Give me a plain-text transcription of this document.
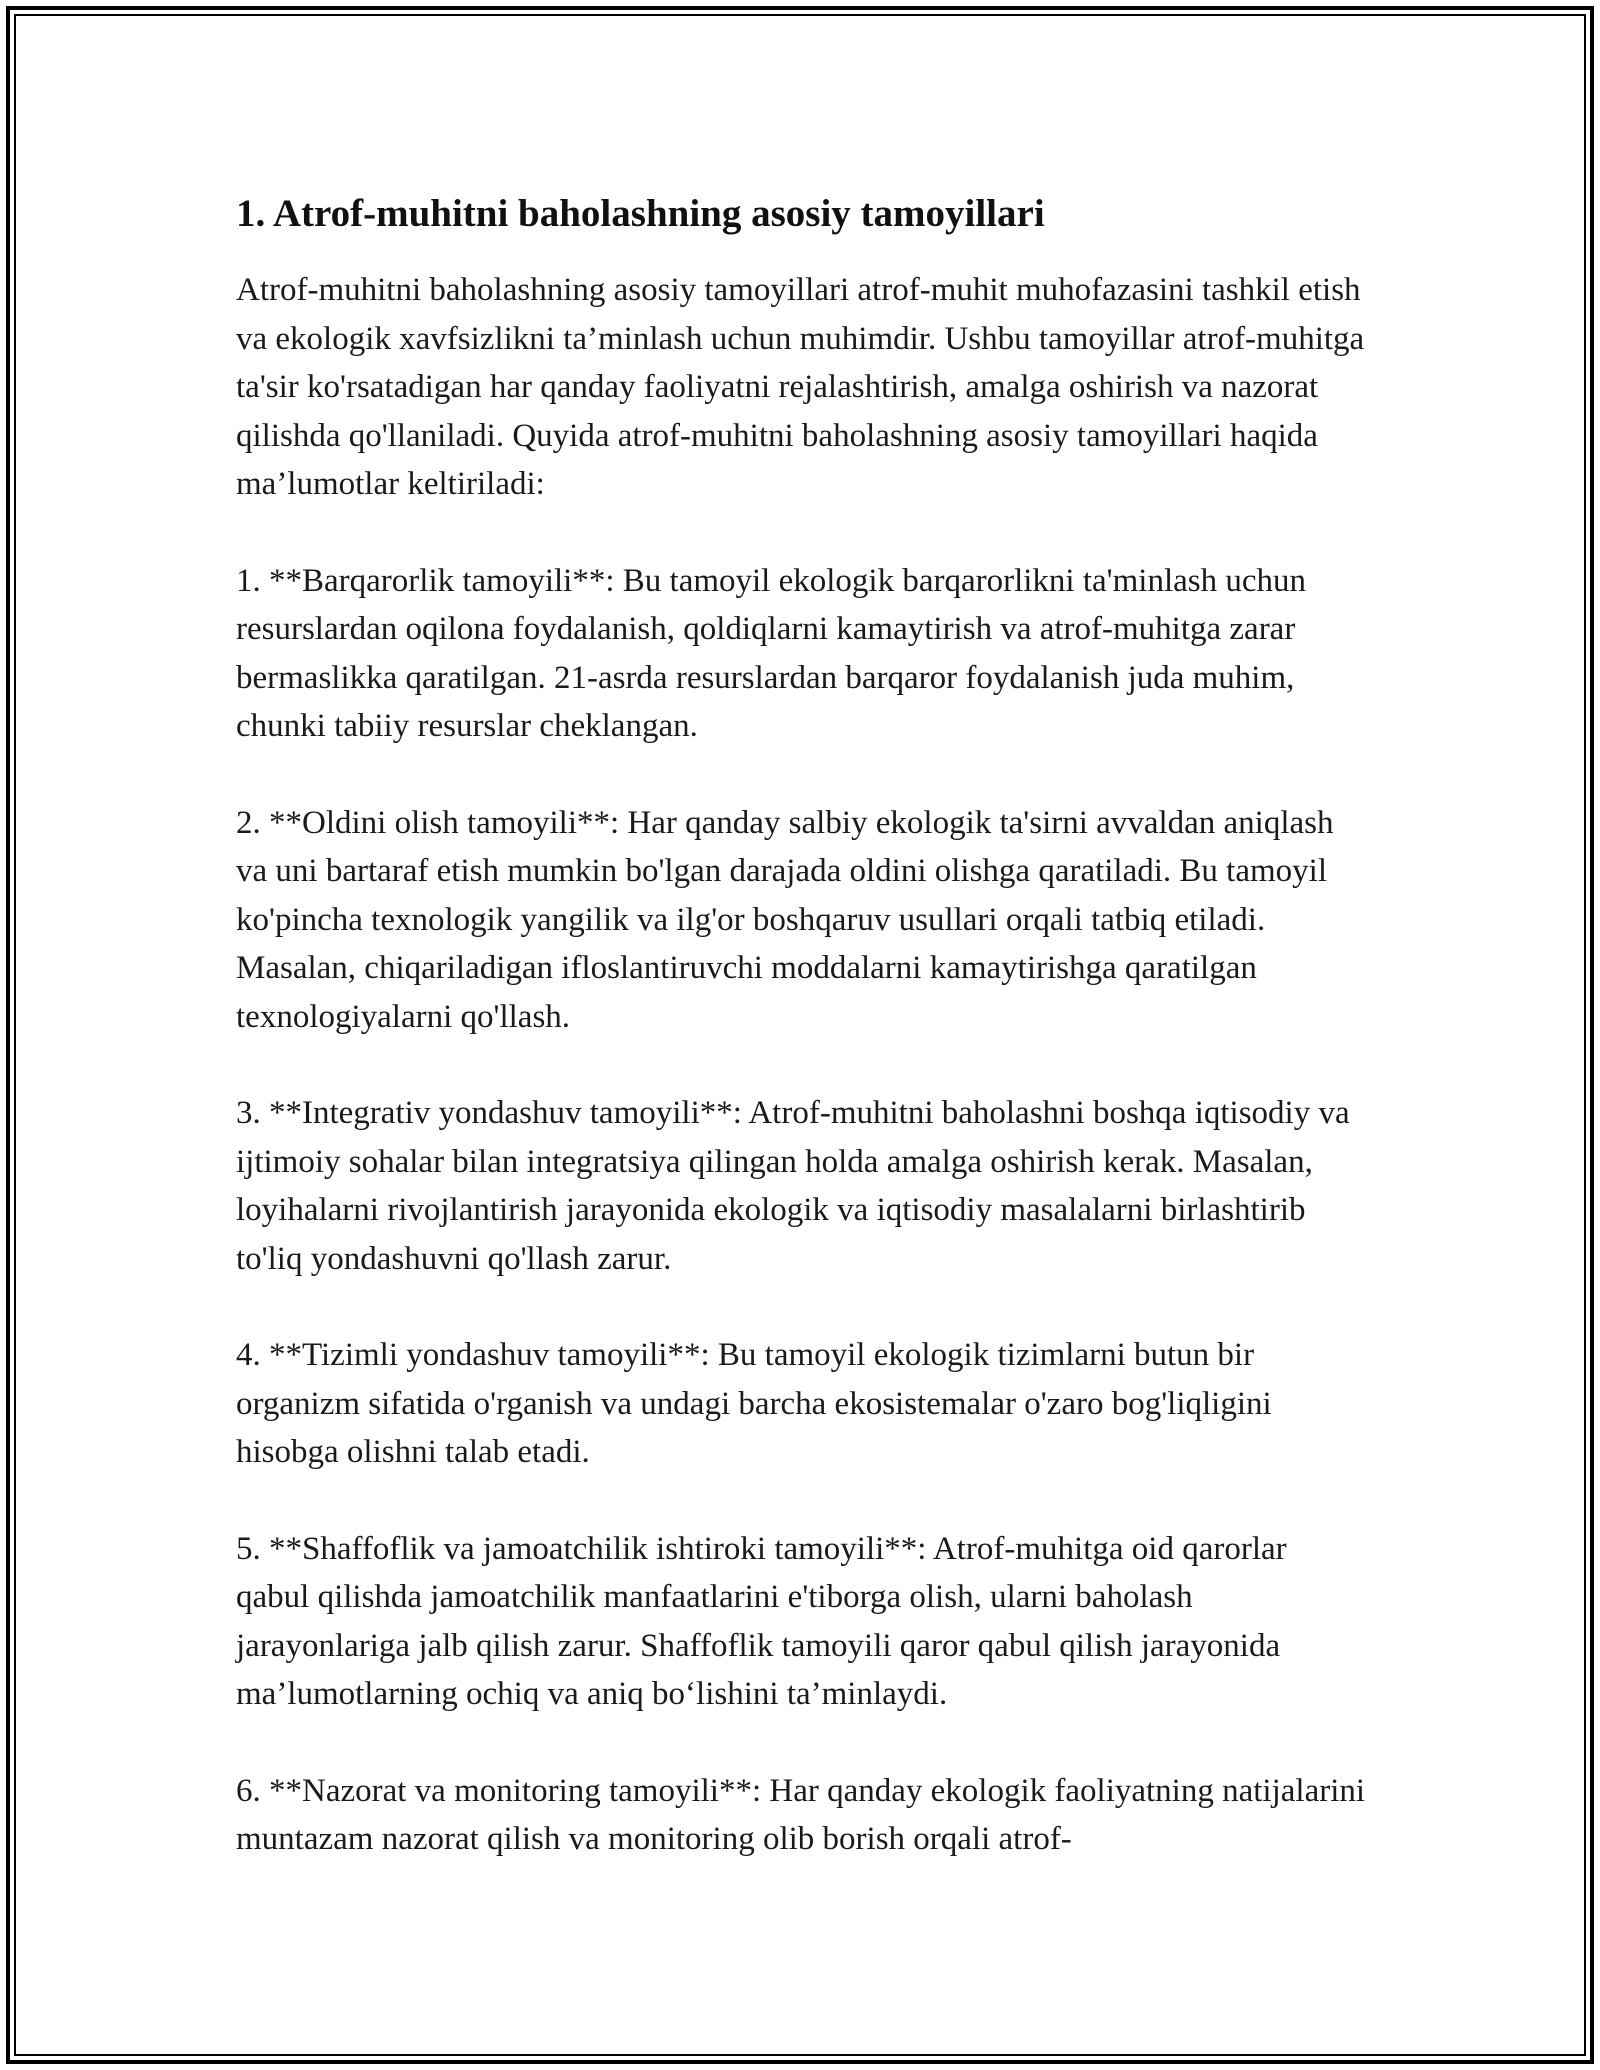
1. Atrof-muhitni baholashning asosiy tamoyillari

Atrof-muhitni baholashning asosiy tamoyillari atrof-muhit muhofazasini tashkil etish va ekologik xavfsizlikni ta’minlash uchun muhimdir. Ushbu tamoyillar atrof-muhitga ta'sir ko'rsatadigan har qanday faoliyatni rejalashtirish, amalga oshirish va nazorat qilishda qo'llaniladi. Quyida atrof-muhitni baholashning asosiy tamoyillari haqida ma’lumotlar keltiriladi:

1. **Barqarorlik tamoyili**: Bu tamoyil ekologik barqarorlikni ta'minlash uchun resurslardan oqilona foydalanish, qoldiqlarni kamaytirish va atrof-muhitga zarar bermaslikka qaratilgan. 21-asrda resurslardan barqaror foydalanish juda muhim, chunki tabiiy resurslar cheklangan.

2. **Oldini olish tamoyili**: Har qanday salbiy ekologik ta'sirni avvaldan aniqlash va uni bartaraf etish mumkin bo'lgan darajada oldini olishga qaratiladi. Bu tamoyil ko'pincha texnologik yangilik va ilg'or boshqaruv usullari orqali tatbiq etiladi. Masalan, chiqariladigan ifloslantiruvchi moddalarni kamaytirishga qaratilgan texnologiyalarni qo'llash.

3. **Integrativ yondashuv tamoyili**: Atrof-muhitni baholashni boshqa iqtisodiy va ijtimoiy sohalar bilan integratsiya qilingan holda amalga oshirish kerak. Masalan, loyihalarni rivojlantirish jarayonida ekologik va iqtisodiy masalalarni birlashtirib to'liq yondashuvni qo'llash zarur.

4. **Tizimli yondashuv tamoyili**: Bu tamoyil ekologik tizimlarni butun bir organizm sifatida o'rganish va undagi barcha ekosistemalar o'zaro bog'liqligini hisobga olishni talab etadi.

5. **Shaffoflik va jamoatchilik ishtiroki tamoyili**: Atrof-muhitga oid qarorlar qabul qilishda jamoatchilik manfaatlarini e'tiborga olish, ularni baholash jarayonlariga jalb qilish zarur. Shaffoflik tamoyili qaror qabul qilish jarayonida ma’lumotlarning ochiq va aniq bo‘lishini ta’minlaydi.

6. **Nazorat va monitoring tamoyili**: Har qanday ekologik faoliyatning natijalarini muntazam nazorat qilish va monitoring olib borish orqali atrof-
